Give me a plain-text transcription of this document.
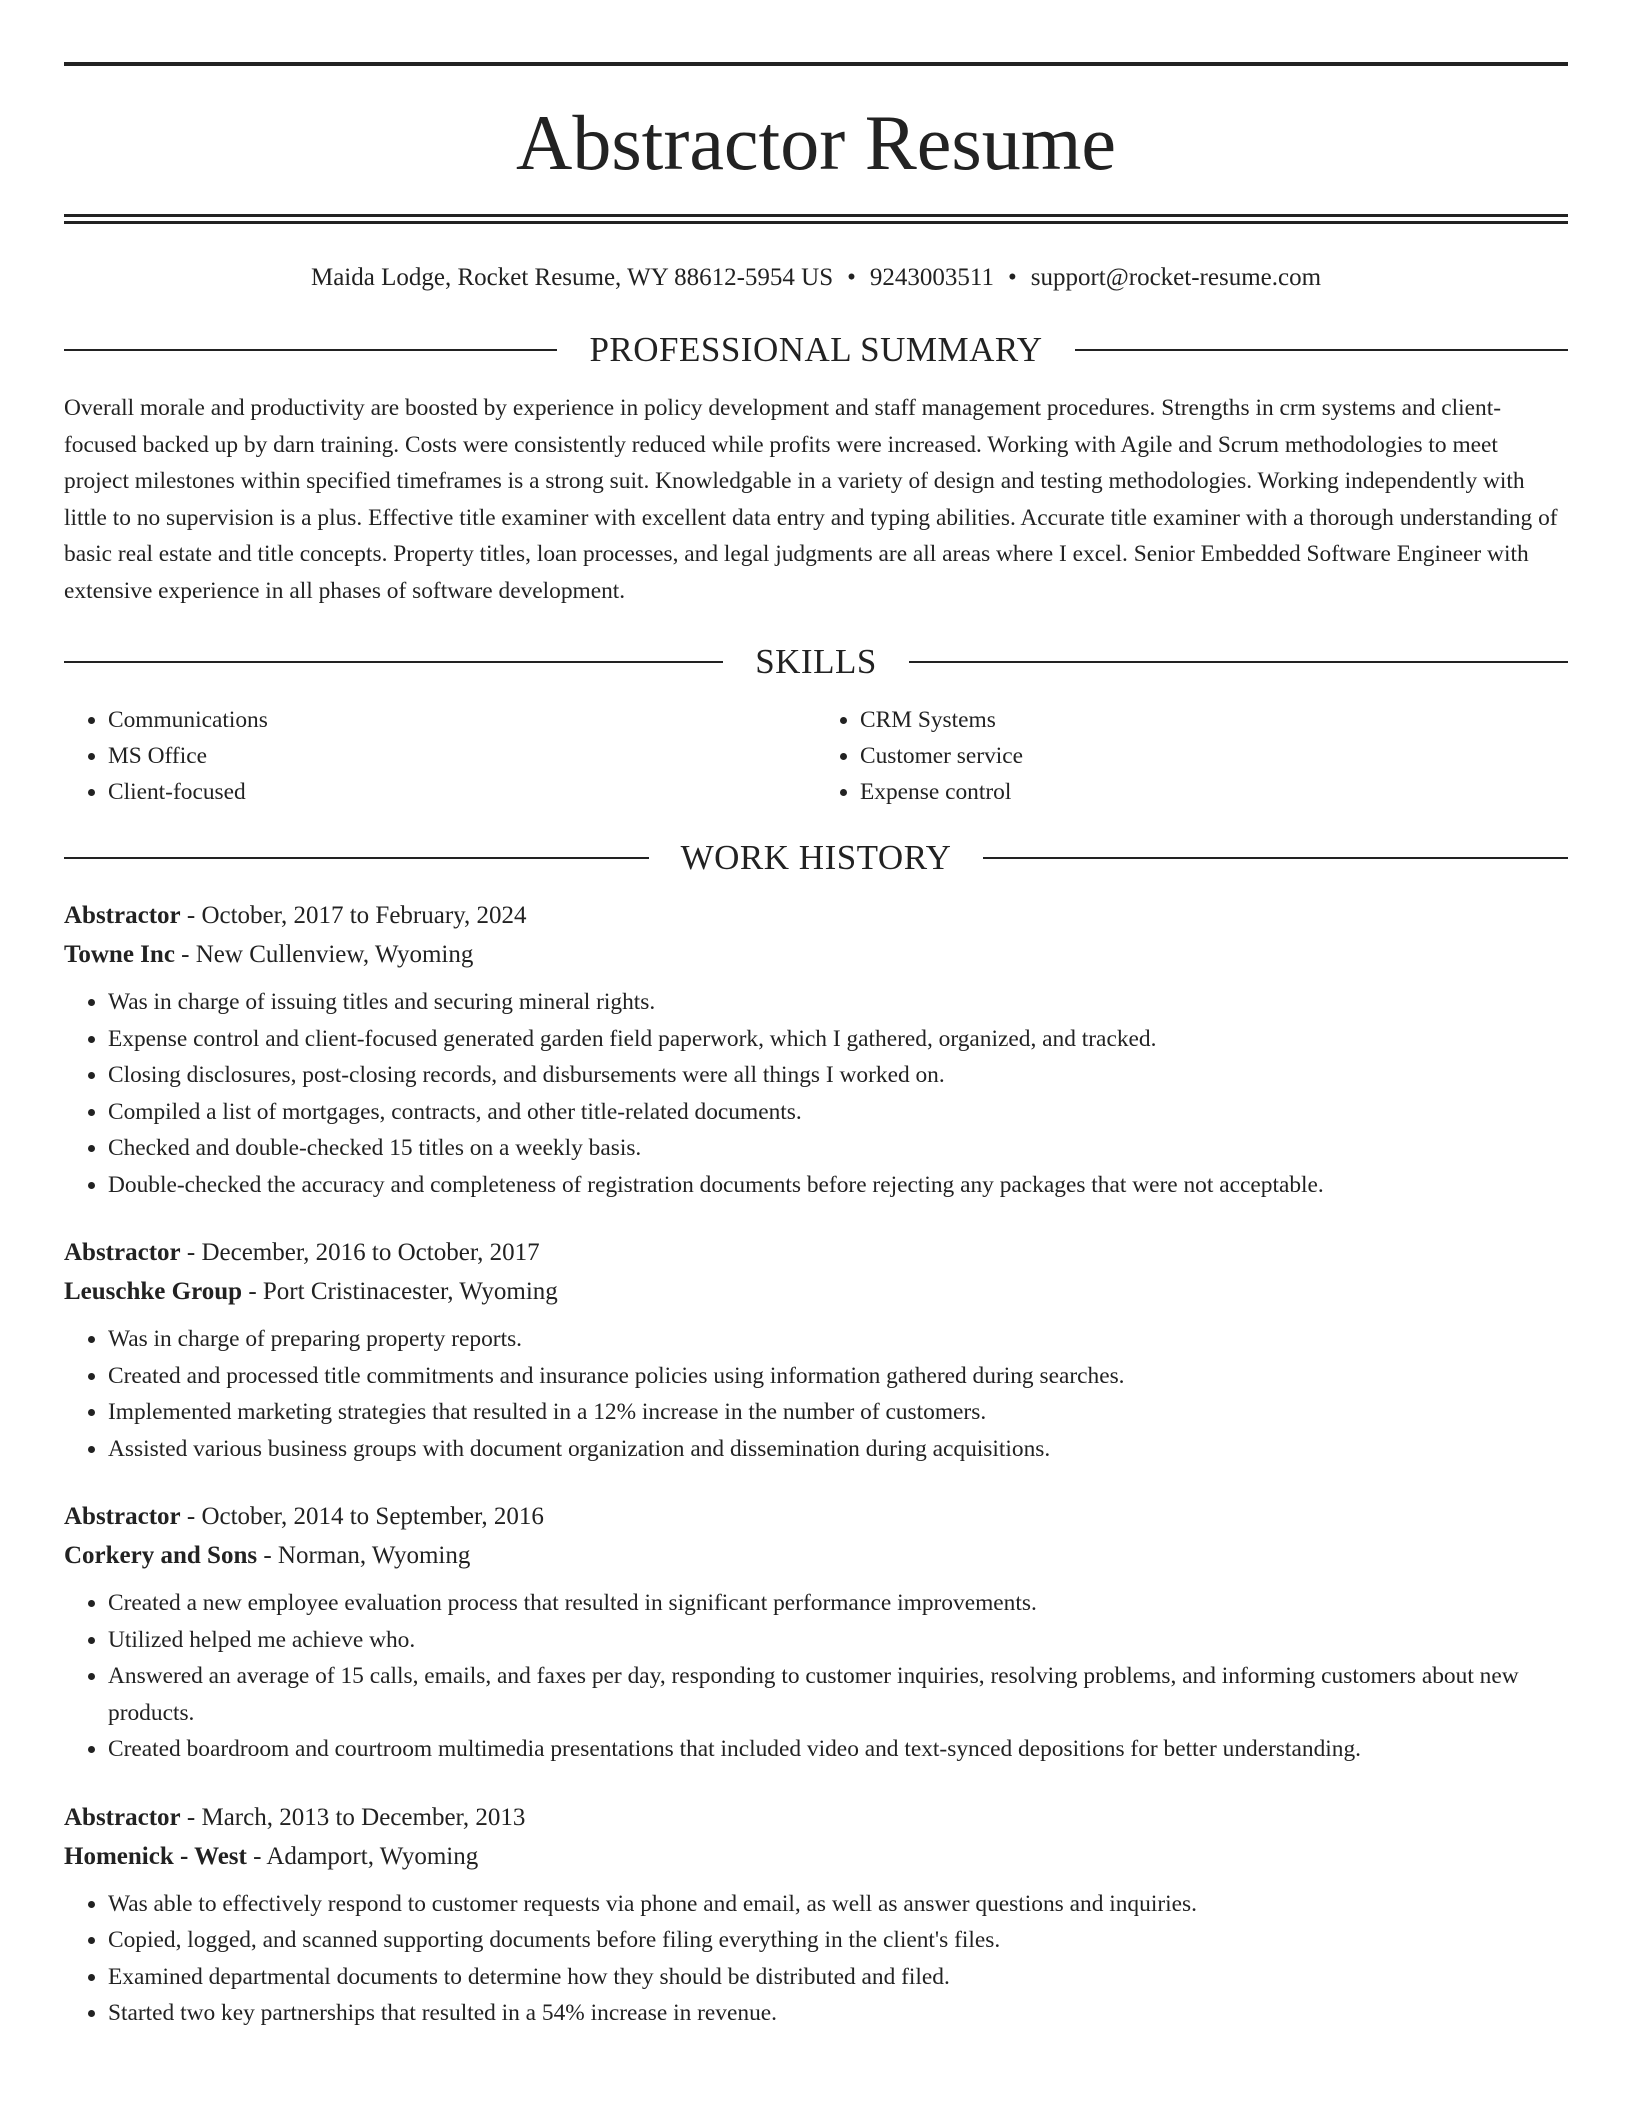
Abstractor Resume
Maida Lodge, Rocket Resume, WY 88612-5954 US • 9243003511 • support@rocket-resume.com
PROFESSIONAL SUMMARY

Overall morale and productivity are boosted by experience in policy development and staff management procedures. Strengths in crm systems and client-focused backed up by darn training. Costs were consistently reduced while profits were increased. Working with Agile and Scrum methodologies to meet project milestones within specified timeframes is a strong suit. Knowledgable in a variety of design and testing methodologies. Working independently with little to no supervision is a plus. Effective title examiner with excellent data entry and typing abilities. Accurate title examiner with a thorough understanding of basic real estate and title concepts. Property titles, loan processes, and legal judgments are all areas where I excel. Senior Embedded Software Engineer with extensive experience in all phases of software development.

SKILLS
• Communications
• MS Office
• Client-focused
• CRM Systems
• Customer service
• Expense control
WORK HISTORY
Abstractor - October, 2017 to February, 2024
Towne Inc - New Cullenview, Wyoming
• Was in charge of issuing titles and securing mineral rights.
• Expense control and client-focused generated garden field paperwork, which I gathered, organized, and tracked.
• Closing disclosures, post-closing records, and disbursements were all things I worked on.
• Compiled a list of mortgages, contracts, and other title-related documents.
• Checked and double-checked 15 titles on a weekly basis.
• Double-checked the accuracy and completeness of registration documents before rejecting any packages that were not acceptable.
Abstractor - December, 2016 to October, 2017
Leuschke Group - Port Cristinacester, Wyoming
• Was in charge of preparing property reports.
• Created and processed title commitments and insurance policies using information gathered during searches.
• Implemented marketing strategies that resulted in a 12% increase in the number of customers.
• Assisted various business groups with document organization and dissemination during acquisitions.
Abstractor - October, 2014 to September, 2016
Corkery and Sons - Norman, Wyoming
• Created a new employee evaluation process that resulted in significant performance improvements.
• Utilized helped me achieve who.
• Answered an average of 15 calls, emails, and faxes per day, responding to customer inquiries, resolving problems, and informing customers about new products.
• Created boardroom and courtroom multimedia presentations that included video and text-synced depositions for better understanding.
Abstractor - March, 2013 to December, 2013
Homenick - West - Adamport, Wyoming
• Was able to effectively respond to customer requests via phone and email, as well as answer questions and inquiries.
• Copied, logged, and scanned supporting documents before filing everything in the client's files.
• Examined departmental documents to determine how they should be distributed and filed.
• Started two key partnerships that resulted in a 54% increase in revenue.
